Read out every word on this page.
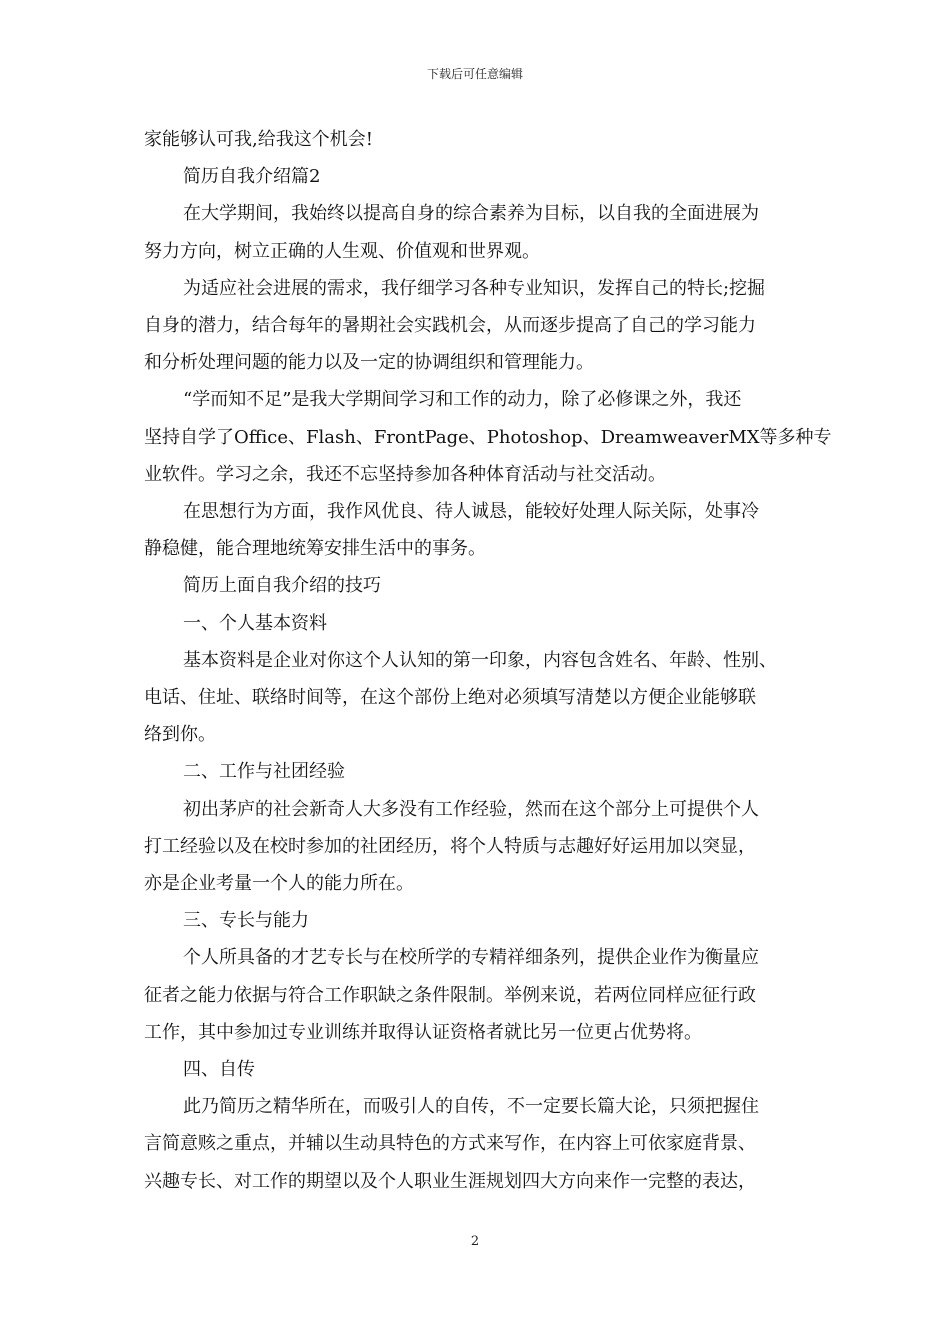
下载后可任意编辑
家能够认可我,给我这个机会!
简历自我介绍篇2
在大学期间，我始终以提高自身的综合素养为目标，以自我的全面进展为
努力方向，树立正确的人生观、价值观和世界观。
为适应社会进展的需求，我仔细学习各种专业知识，发挥自己的特长;挖掘
自身的潜力，结合每年的暑期社会实践机会，从而逐步提高了自己的学习能力
和分析处理问题的能力以及一定的协调组织和管理能力。
“学而知不足”是我大学期间学习和工作的动力，除了必修课之外，我还
坚持自学了Office、Flash、FrontPage、Photoshop、DreamweaverMX等多种专
业软件。学习之余，我还不忘坚持参加各种体育活动与社交活动。
在思想行为方面，我作风优良、待人诚恳，能较好处理人际关际，处事冷
静稳健，能合理地统筹安排生活中的事务。
简历上面自我介绍的技巧
一、个人基本资料
基本资料是企业对你这个人认知的第一印象，内容包含姓名、年龄、性别、
电话、住址、联络时间等，在这个部份上绝对必须填写清楚以方便企业能够联
络到你。
二、工作与社团经验
初出茅庐的社会新奇人大多没有工作经验，然而在这个部分上可提供个人
打工经验以及在校时参加的社团经历，将个人特质与志趣好好运用加以突显，
亦是企业考量一个人的能力所在。
三、专长与能力
个人所具备的才艺专长与在校所学的专精祥细条列，提供企业作为衡量应
征者之能力依据与符合工作职缺之条件限制。举例来说，若两位同样应征行政
工作，其中参加过专业训练并取得认证资格者就比另一位更占优势将。
四、自传
此乃简历之精华所在，而吸引人的自传，不一定要长篇大论，只须把握住
言简意赅之重点，并辅以生动具特色的方式来写作，在内容上可依家庭背景、
兴趣专长、对工作的期望以及个人职业生涯规划四大方向来作一完整的表达，
2
